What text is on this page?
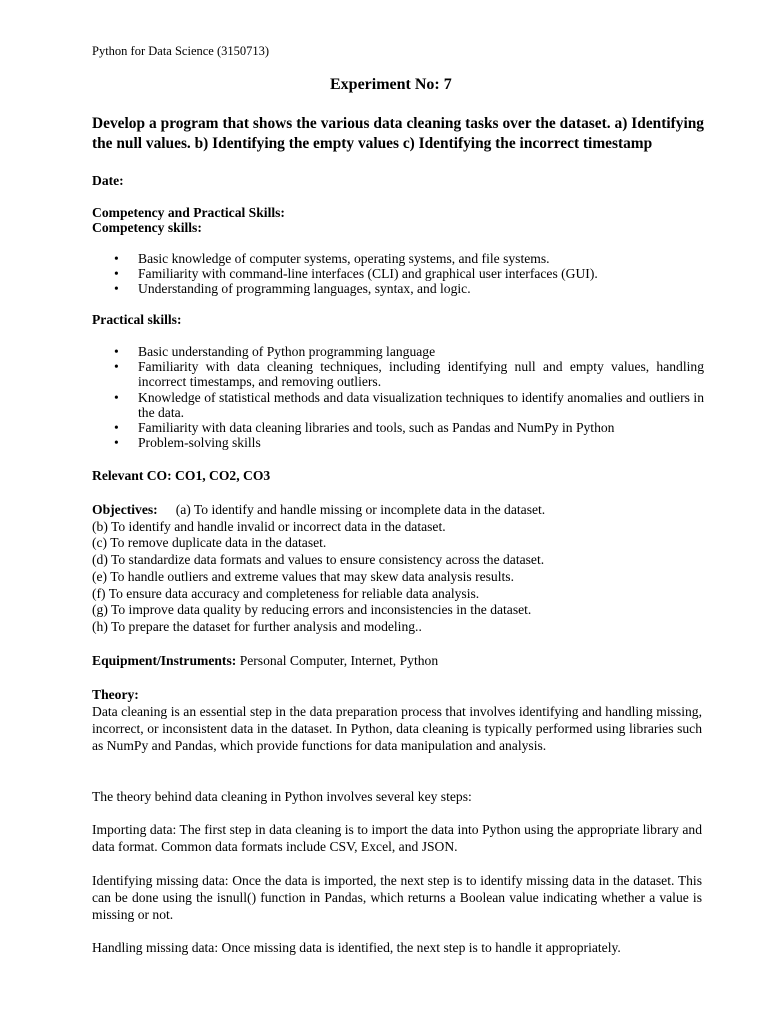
Python for Data Science (3150713)
Experiment No: 7
Develop a program that shows the various data cleaning tasks over the dataset. a) Identifying the null values. b) Identifying the empty values c) Identifying the incorrect timestamp
Date:
Competency and Practical Skills:
Competency skills:
• Basic knowledge of computer systems, operating systems, and file systems.
• Familiarity with command-line interfaces (CLI) and graphical user interfaces (GUI).
• Understanding of programming languages, syntax, and logic.
Practical skills:
• Basic understanding of Python programming language
• Familiarity with data cleaning techniques, including identifying null and empty values, handling incorrect timestamps, and removing outliers.
• Knowledge of statistical methods and data visualization techniques to identify anomalies and outliers in the data.
• Familiarity with data cleaning libraries and tools, such as Pandas and NumPy in Python
• Problem-solving skills
Relevant CO: CO1, CO2, CO3
Objectives: (a) To identify and handle missing or incomplete data in the dataset.
(b) To identify and handle invalid or incorrect data in the dataset.
(c) To remove duplicate data in the dataset.
(d) To standardize data formats and values to ensure consistency across the dataset.
(e) To handle outliers and extreme values that may skew data analysis results.
(f) To ensure data accuracy and completeness for reliable data analysis.
(g) To improve data quality by reducing errors and inconsistencies in the dataset.
(h) To prepare the dataset for further analysis and modeling..
Equipment/Instruments: Personal Computer, Internet, Python
Theory:
Data cleaning is an essential step in the data preparation process that involves identifying and handling missing, incorrect, or inconsistent data in the dataset. In Python, data cleaning is typically performed using libraries such as NumPy and Pandas, which provide functions for data manipulation and analysis.
The theory behind data cleaning in Python involves several key steps:
Importing data: The first step in data cleaning is to import the data into Python using the appropriate library and data format. Common data formats include CSV, Excel, and JSON.
Identifying missing data: Once the data is imported, the next step is to identify missing data in the dataset. This can be done using the isnull() function in Pandas, which returns a Boolean value indicating whether a value is missing or not.
Handling missing data: Once missing data is identified, the next step is to handle it appropriately.
